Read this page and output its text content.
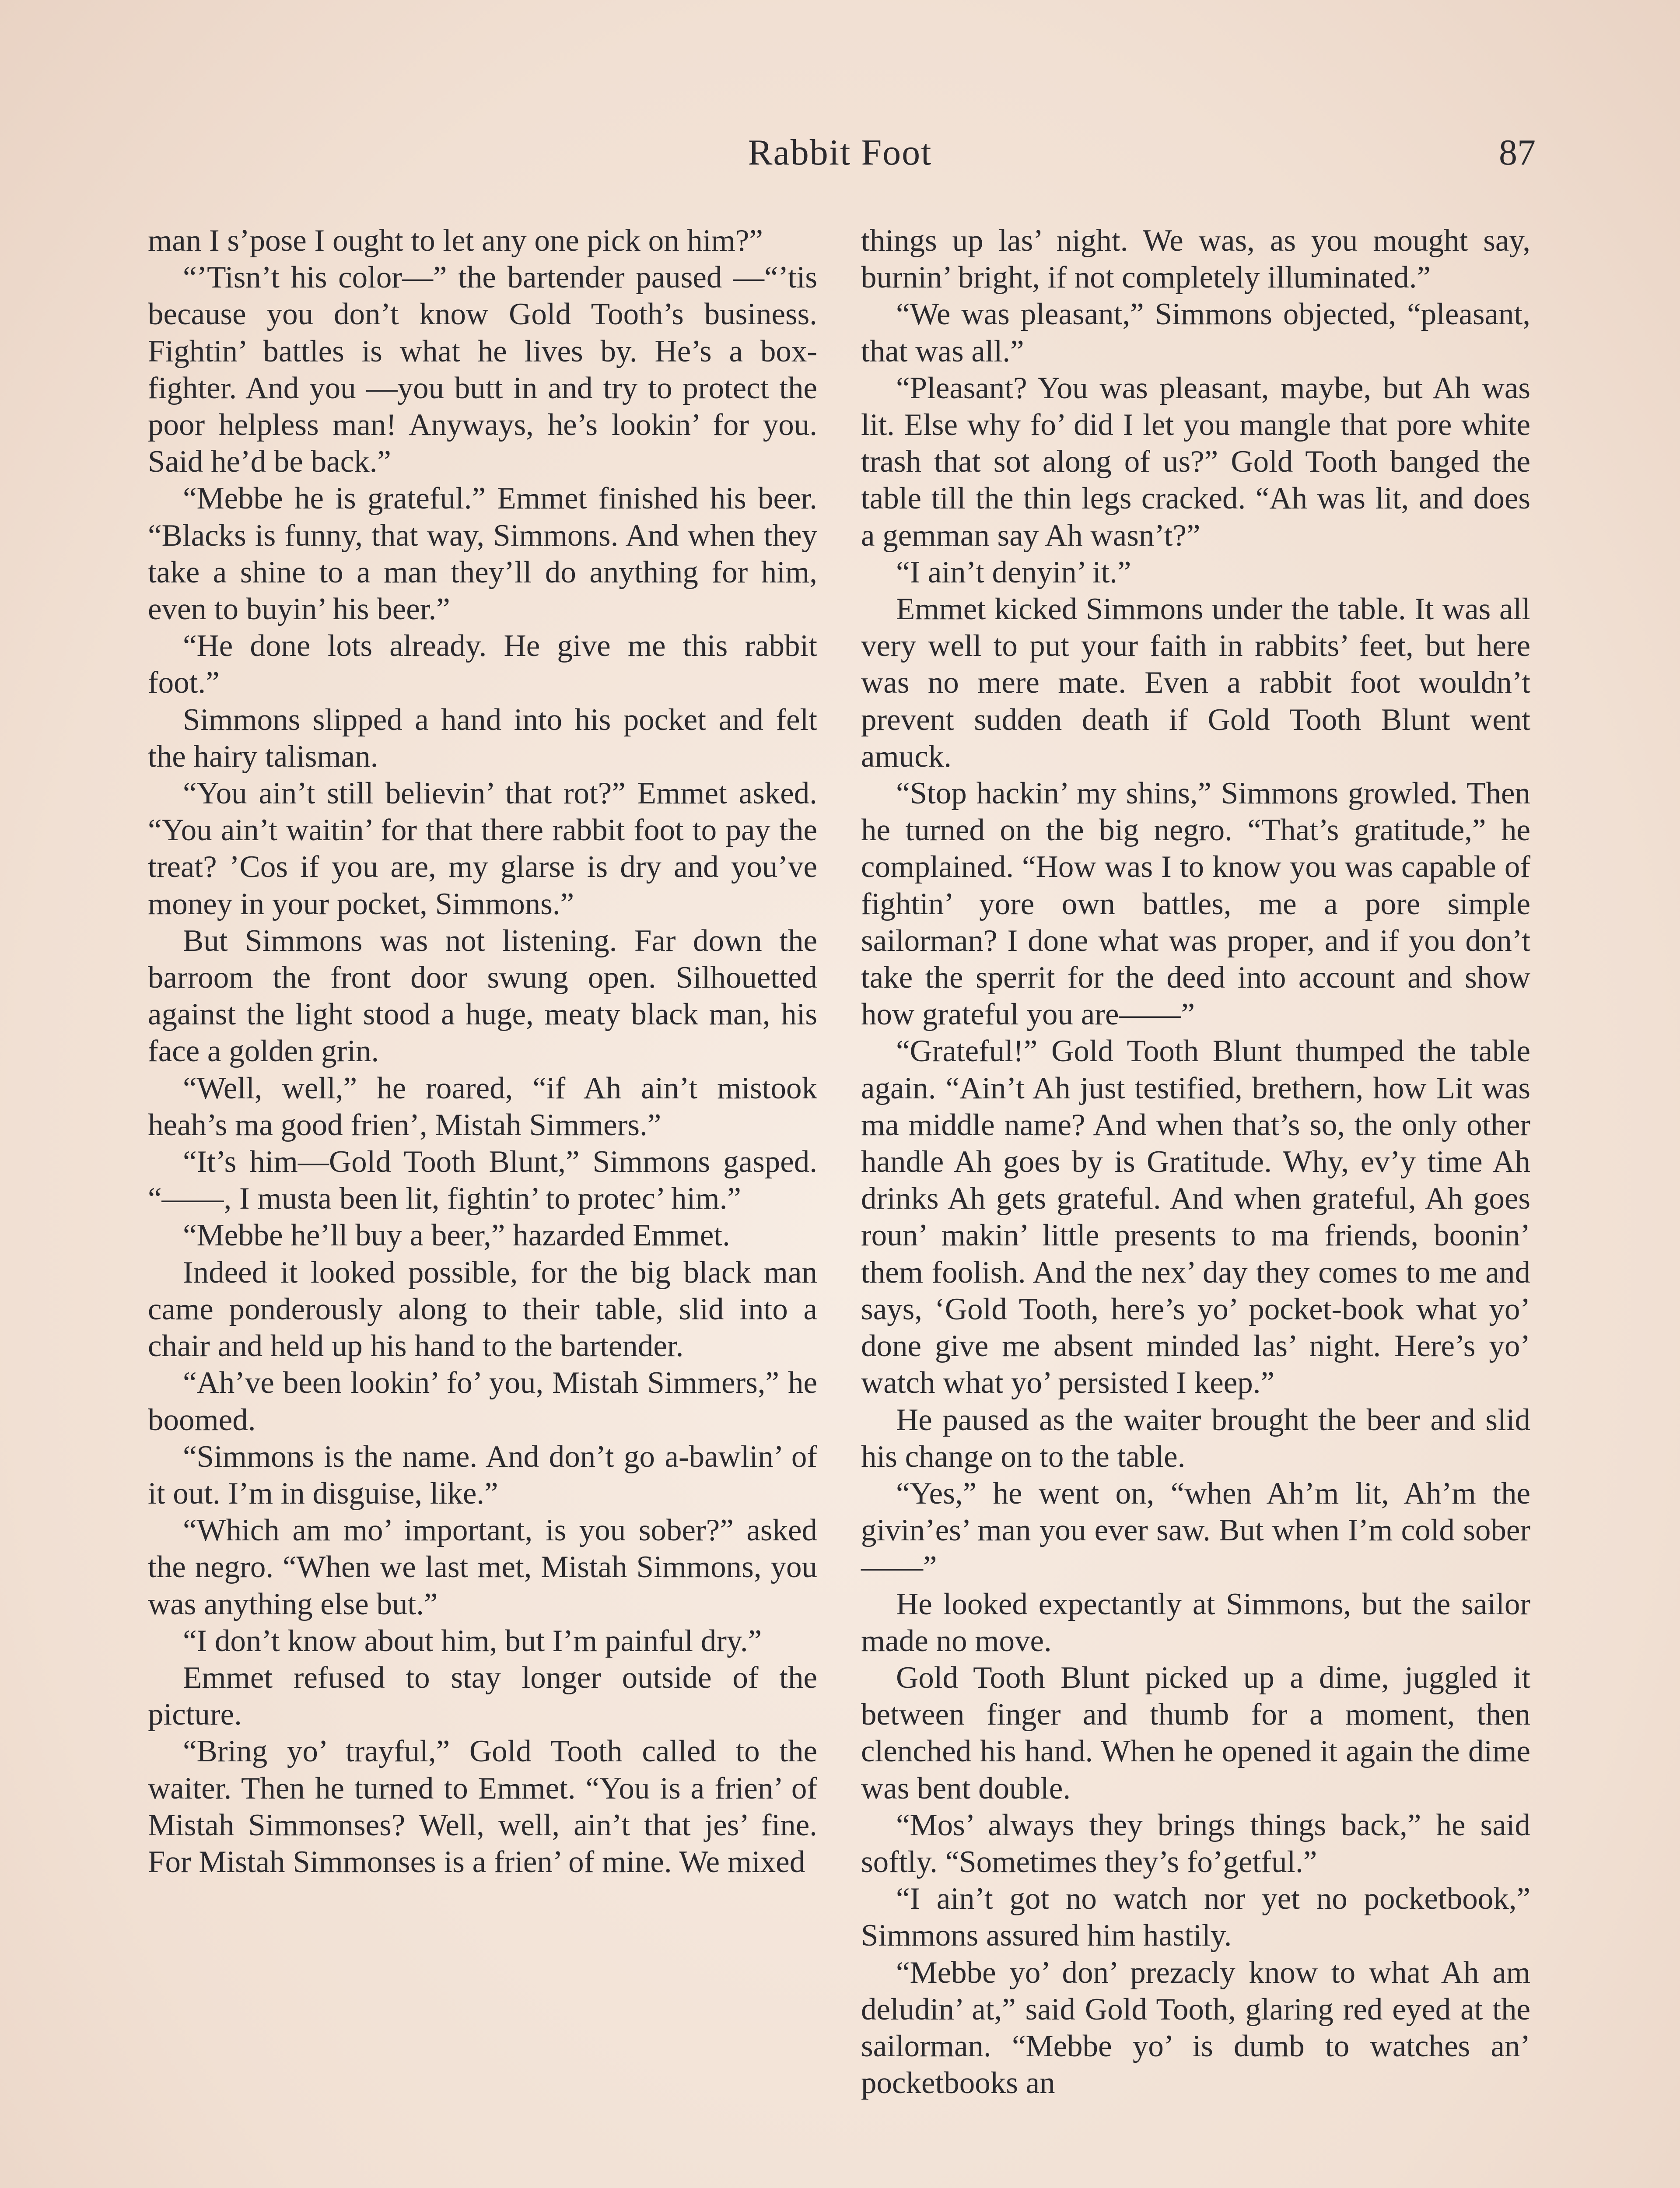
Rabbit Foot	87

man I s’pose I ought to let any one pick on him?”

“’Tisn’t his color—” the bartender paused —“’tis because you don’t know Gold Tooth’s business. Fightin’ battles is what he lives by. He’s a box-fighter. And you —you butt in and try to protect the poor helpless man! Anyways, he’s lookin’ for you. Said he’d be back.”

“Mebbe he is grateful.” Emmet finished his beer. “Blacks is funny, that way, Simmons. And when they take a shine to a man they’ll do anything for him, even to buyin’ his beer.”

“He done lots already. He give me this rabbit foot.”

Simmons slipped a hand into his pocket and felt the hairy talisman.

“You ain’t still believin’ that rot?” Emmet asked. “You ain’t waitin’ for that there rabbit foot to pay the treat? ’Cos if you are, my glarse is dry and you’ve money in your pocket, Simmons.”

But Simmons was not listening. Far down the barroom the front door swung open. Silhouetted against the light stood a huge, meaty black man, his face a golden grin.

“Well, well,” he roared, “if Ah ain’t mistook heah’s ma good frien’, Mistah Simmers.”

“It’s him—Gold Tooth Blunt,” Simmons gasped. “——, I musta been lit, fightin’ to protec’ him.”

“Mebbe he’ll buy a beer,” hazarded Emmet.

Indeed it looked possible, for the big black man came ponderously along to their table, slid into a chair and held up his hand to the bartender.

“Ah’ve been lookin’ fo’ you, Mistah Simmers,” he boomed.

“Simmons is the name. And don’t go a-bawlin’ of it out. I’m in disguise, like.”

“Which am mo’ important, is you sober?” asked the negro. “When we last met, Mistah Simmons, you was anything else but.”

“I don’t know about him, but I’m painful dry.”

Emmet refused to stay longer outside of the picture.

“Bring yo’ trayful,” Gold Tooth called to the waiter. Then he turned to Emmet. “You is a frien’ of Mistah Simmonses? Well, well, ain’t that jes’ fine. For Mistah Simmonses is a frien’ of mine. We mixed

things up las’ night. We was, as you mought say, burnin’ bright, if not completely illuminated.”

“We was pleasant,” Simmons objected, “pleasant, that was all.”

“Pleasant? You was pleasant, maybe, but Ah was lit. Else why fo’ did I let you mangle that pore white trash that sot along of us?” Gold Tooth banged the table till the thin legs cracked. “Ah was lit, and does a gemman say Ah wasn’t?”

“I ain’t denyin’ it.”

Emmet kicked Simmons under the table. It was all very well to put your faith in rabbits’ feet, but here was no mere mate. Even a rabbit foot wouldn’t prevent sudden death if Gold Tooth Blunt went amuck.

“Stop hackin’ my shins,” Simmons growled. Then he turned on the big negro. “That’s gratitude,” he complained. “How was I to know you was capable of fightin’ yore own battles, me a pore simple sailorman? I done what was proper, and if you don’t take the sperrit for the deed into account and show how grateful you are——”

“Grateful!” Gold Tooth Blunt thumped the table again. “Ain’t Ah just testified, brethern, how Lit was ma middle name? And when that’s so, the only other handle Ah goes by is Gratitude. Why, ev’y time Ah drinks Ah gets grateful. And when grateful, Ah goes roun’ makin’ little presents to ma friends, boonin’ them foolish. And the nex’ day they comes to me and says, ‘Gold Tooth, here’s yo’ pocket-book what yo’ done give me absent minded las’ night. Here’s yo’ watch what yo’ persisted I keep.”

He paused as the waiter brought the beer and slid his change on to the table.

“Yes,” he went on, “when Ah’m lit, Ah’m the givin’es’ man you ever saw. But when I’m cold sober——”

He looked expectantly at Simmons, but the sailor made no move.

Gold Tooth Blunt picked up a dime, juggled it between finger and thumb for a moment, then clenched his hand. When he opened it again the dime was bent double.

“Mos’ always they brings things back,” he said softly. “Sometimes they’s fo’getful.”

“I ain’t got no watch nor yet no pocketbook,” Simmons assured him hastily.

“Mebbe yo’ don’ prezacly know to what Ah am deludin’ at,” said Gold Tooth, glaring red eyed at the sailorman. “Mebbe yo’ is dumb to watches an’ pocketbooks an
